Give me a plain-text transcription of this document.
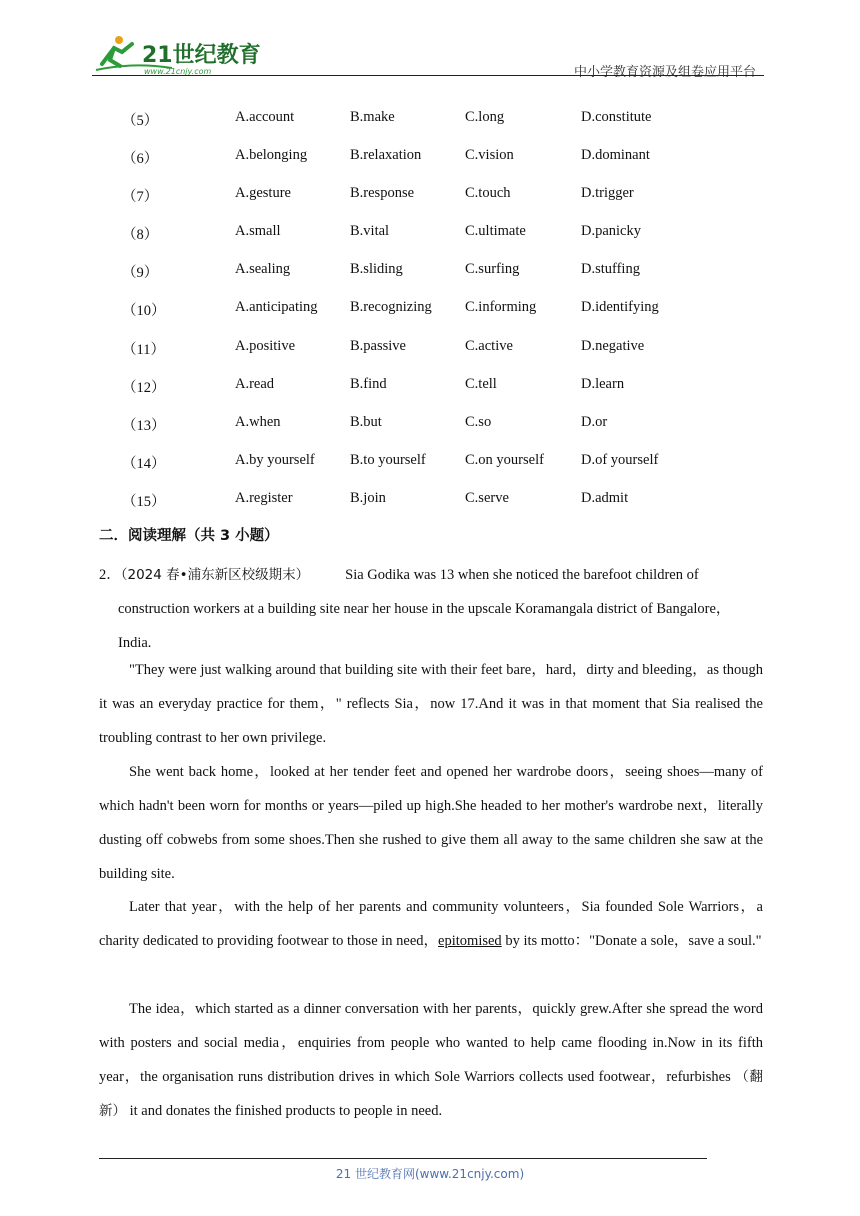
21世纪教育
www.21cnjy.com	中小学教育资源及组卷应用平台
（5）	A.account	B.make	C.long	D.constitute
（6）	A.belonging	B.relaxation	C.vision	D.dominant
（7）	A.gesture	B.response	C.touch	D.trigger
（8）	A.small	B.vital	C.ultimate	D.panicky
（9）	A.sealing	B.sliding	C.surfing	D.stuffing
（10）	A.anticipating B.recognizing C.informing	D.identifying
（11）	A.positive	B.passive	C.active	D.negative
（12）	A.read	B.find	C.tell	D.learn
（13）	A.when	B.but	C.so	D.or
（14）	A.by yourself B.to yourself	C.on yourself	D.of yourself
（15）	A.register	B.join	C.serve	D.admit
二．阅读理解（共 3 小题）
2．（2024 春•浦东新区校级期末） Sia Godika was 13 when she noticed the barefoot children of
construction workers at a building site near her house in the upscale Koramangala district of Bangalore，India.
"They were just walking around that building site with their feet bare，hard，dirty and bleeding，as though it was an everyday practice for them，" reflects Sia，now 17.And it was in that moment that Sia realised the troubling contrast to her own privilege.
She went back home，looked at her tender feet and opened her wardrobe doors，seeing shoes—many of which hadn't been worn for months or years—piled up high.She headed to her mother's wardrobe next，literally dusting off cobwebs from some shoes.Then she rushed to give them all away to the same children she saw at the building site.
Later that year，with the help of her parents and community volunteers，Sia founded Sole Warriors，a charity dedicated to providing footwear to those in need，epitomised by its motto："Donate a sole，save a soul."
The idea，which started as a dinner conversation with her parents，quickly grew.After she spread the word with posters and social media，enquiries from people who wanted to help came flooding in.Now in its fifth year，the organisation runs distribution drives in which Sole Warriors collects used footwear，refurbishes （翻新） it and donates the finished products to people in need.
21 世纪教育网(www.21cnjy.com)
